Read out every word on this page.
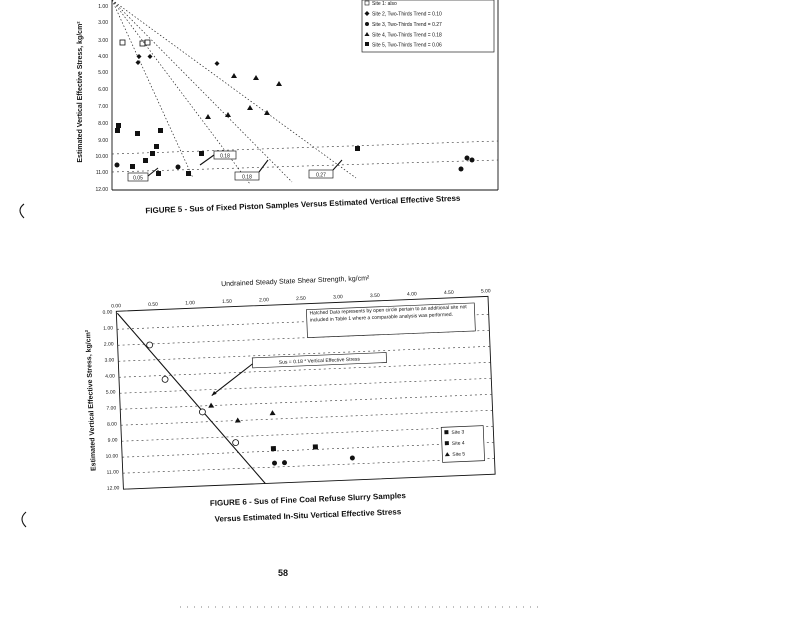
1.00
3.00
3.00
4.00
5.00
6.00
7.00
8.00
9.00
10.00
11.00
12.00
Estimated Vertical Effective Stress, kg/cm²
0.05
0.18
0.18	0.27
Site 1: also
Site 2, Two-Thirds Trend = 0.10
Site 3, Two-Thirds Trend = 0.27
Site 4, Two-Thirds Trend = 0.18
Site 5, Two-Thirds Trend = 0.06
FIGURE 5 - Sus of Fixed Piston Samples Versus Estimated Vertical Effective Stress
Undrained Steady State Shear Strength, kg/cm²
0.00	0.50	1.00	1.50	2.00	2.50	3.00	3.50	4.00	4.50	5.00
0.00
1.00
2.00
3.00
4.00
5.00
7.00
8.00
9.00
10.00
11.00
12.00
Estimated Vertical Effective Stress, kg/cm²
Hatched Data represents by open circle pertain to an additional site not included in Table 1 where a comparable analysis was performed.
Sus = 0.18 * Vertical Effective Stress
Site 3
Site 4
Site 5
FIGURE 6 - Sus of Fine Coal Refuse Slurry Samples
Versus Estimated In-Situ Vertical Effective Stress
58
